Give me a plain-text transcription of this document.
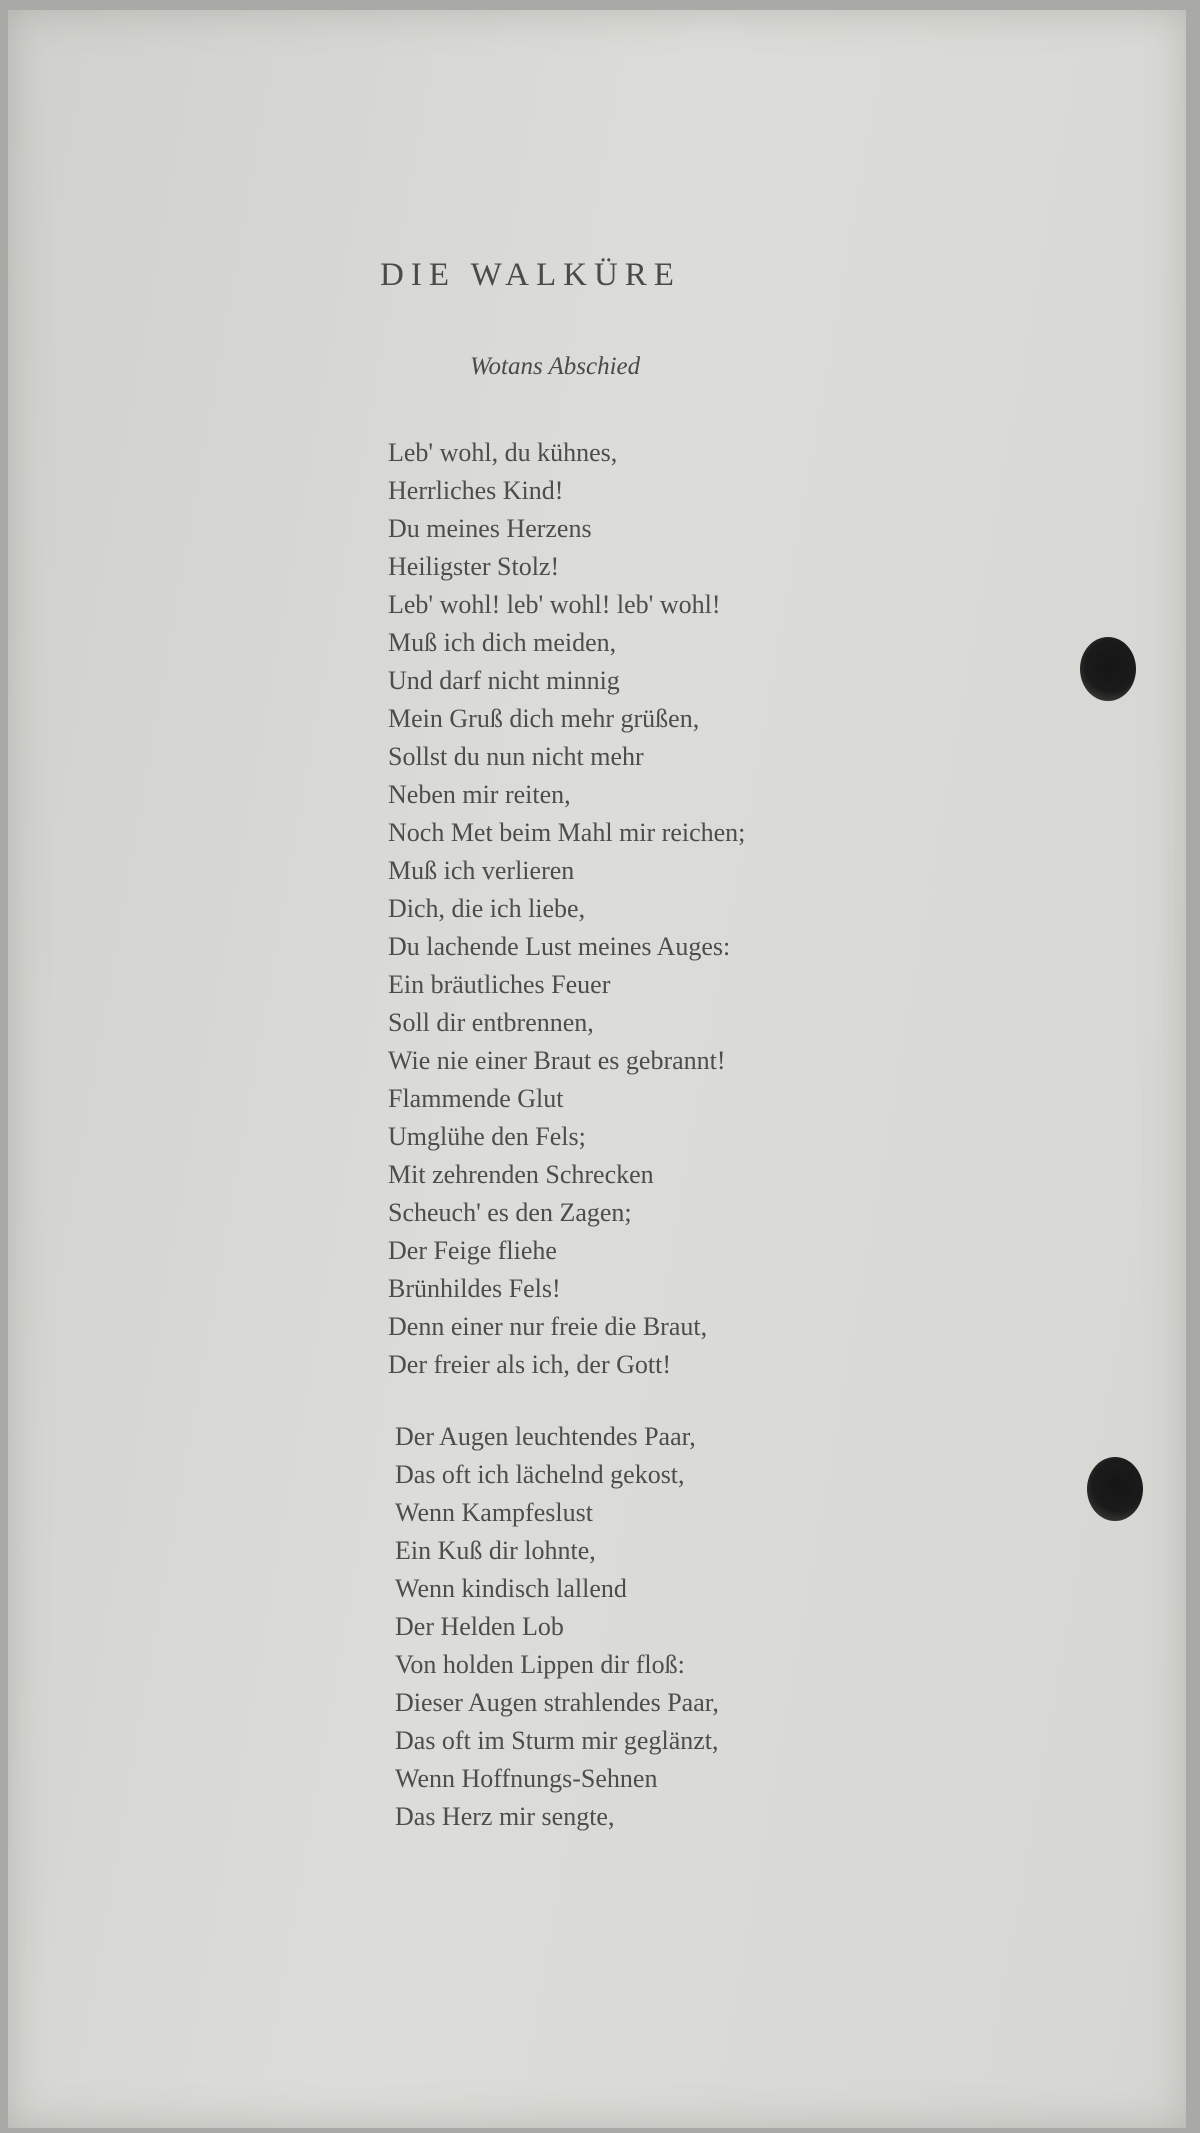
DIE WALKÜRE
Wotans Abschied
Leb' wohl, du kühnes,
Herrliches Kind!
Du meines Herzens
Heiligster Stolz!
Leb' wohl! leb' wohl! leb' wohl!
Muß ich dich meiden,
Und darf nicht minnig
Mein Gruß dich mehr grüßen,
Sollst du nun nicht mehr
Neben mir reiten,
Noch Met beim Mahl mir reichen;
Muß ich verlieren
Dich, die ich liebe,
Du lachende Lust meines Auges:
Ein bräutliches Feuer
Soll dir entbrennen,
Wie nie einer Braut es gebrannt!
Flammende Glut
Umglühe den Fels;
Mit zehrenden Schrecken
Scheuch' es den Zagen;
Der Feige fliehe
Brünhildes Fels!
Denn einer nur freie die Braut,
Der freier als ich, der Gott!
Der Augen leuchtendes Paar,
Das oft ich lächelnd gekost,
Wenn Kampfeslust
Ein Kuß dir lohnte,
Wenn kindisch lallend
Der Helden Lob
Von holden Lippen dir floß:
Dieser Augen strahlendes Paar,
Das oft im Sturm mir geglänzt,
Wenn Hoffnungs-Sehnen
Das Herz mir sengte,
